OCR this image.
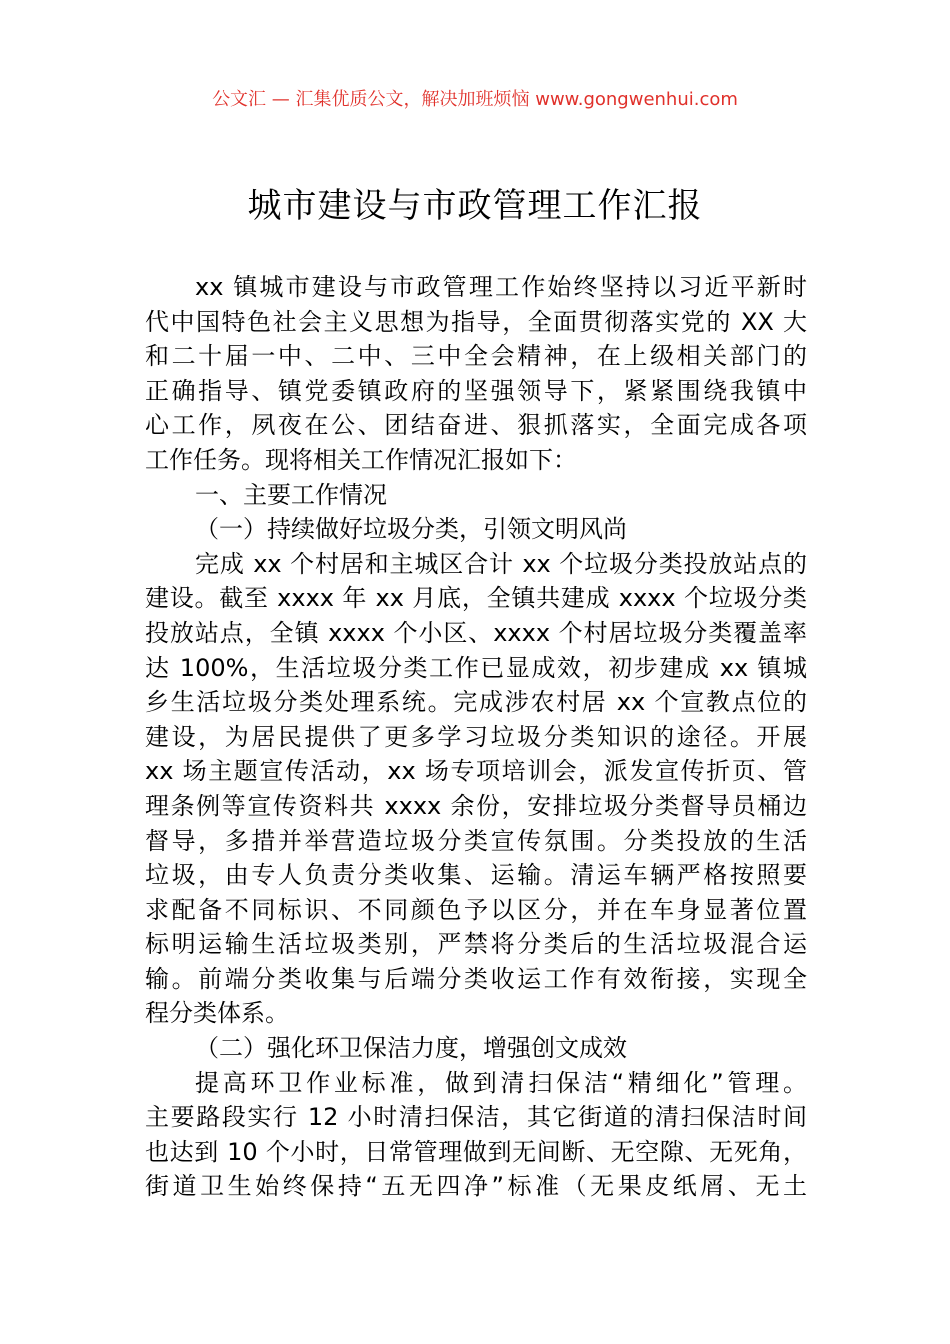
公文汇 — 汇集优质公文，解决加班烦恼 www.gongwenhui.com
城市建设与市政管理工作汇报
xx 镇城市建设与市政管理工作始终坚持以习近平新时
代中国特色社会主义思想为指导，全面贯彻落实党的 XX 大
和二十届一中、二中、三中全会精神，在上级相关部门的
正确指导、镇党委镇政府的坚强领导下，紧紧围绕我镇中
心工作，夙夜在公、团结奋进、狠抓落实，全面完成各项
工作任务。现将相关工作情况汇报如下：
一、主要工作情况
（一）持续做好垃圾分类，引领文明风尚
完成 xx 个村居和主城区合计 xx 个垃圾分类投放站点的
建设。截至 xxxx 年 xx 月底，全镇共建成 xxxx 个垃圾分类
投放站点，全镇 xxxx 个小区、xxxx 个村居垃圾分类覆盖率
达 100%，生活垃圾分类工作已显成效，初步建成 xx 镇城
乡生活垃圾分类处理系统。完成涉农村居 xx 个宣教点位的
建设，为居民提供了更多学习垃圾分类知识的途径。开展
xx 场主题宣传活动，xx 场专项培训会，派发宣传折页、管
理条例等宣传资料共 xxxx 余份，安排垃圾分类督导员桶边
督导，多措并举营造垃圾分类宣传氛围。分类投放的生活
垃圾，由专人负责分类收集、运输。清运车辆严格按照要
求配备不同标识、不同颜色予以区分，并在车身显著位置
标明运输生活垃圾类别，严禁将分类后的生活垃圾混合运
输。前端分类收集与后端分类收运工作有效衔接，实现全
程分类体系。
（二）强化环卫保洁力度，增强创文成效
提高环卫作业标准，做到清扫保洁“精细化”管理。
主要路段实行 12 小时清扫保洁，其它街道的清扫保洁时间
也达到 10 个小时，日常管理做到无间断、无空隙、无死角，
街道卫生始终保持“五无四净”标准（无果皮纸屑、无土
